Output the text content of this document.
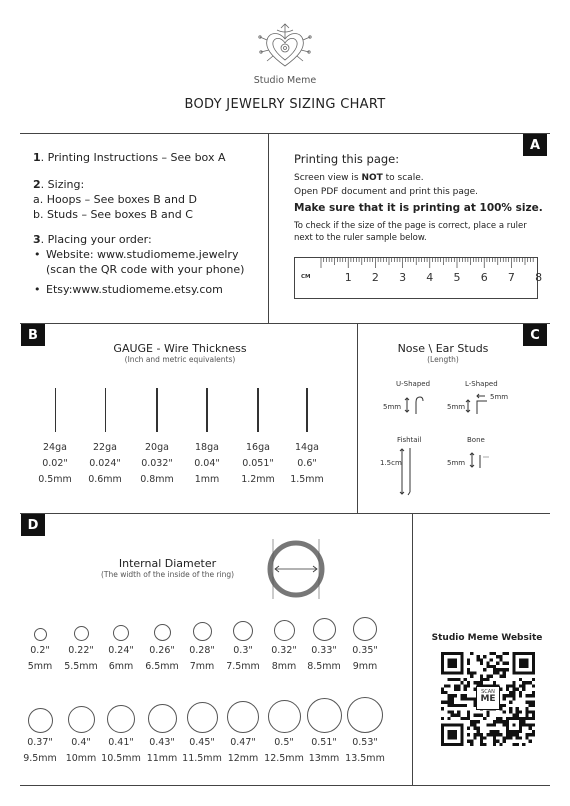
Studio Meme
BODY JEWELRY SIZING CHART
1. Printing Instructions – See box A
2. Sizing:
a. Hoops – See boxes B and D
b. Studs – See boxes B and C
3. Placing your order:
• Website: www.studiomeme.jewelry
(scan the QR code with your phone)
• Etsy:www.studiomeme.etsy.com
A
Printing this page:
Screen view is NOT to scale.
Open PDF document and print this page.
Make sure that it is printing at 100% size.
To check if the size of the page is correct, place a ruler
next to the ruler sample below.
CM	1 2 3 4 5 6 7 8
B
GAUGE - Wire Thickness
(Inch and metric equivalents)
24ga
0.02"
0.5mm
22ga
0.024"
0.6mm
20ga
0.032"
0.8mm
18ga
0.04"
1mm
16ga
0.051"
1.2mm
14ga
0.6"
1.5mm
C
Nose \ Ear Studs
(Length)
U-Shaped
5mm
L-Shaped
5mm
5mm
Fishtail
1.5cm
Bone
5mm
D
Internal Diameter
(The width of the inside of the ring)
0.2"
5mm
0.22"
5.5mm
0.24"
6mm
0.26"
6.5mm
0.28"
7mm
0.3"
7.5mm
0.32"
8mm
0.33"
8.5mm
0.35"
9mm
0.37"
9.5mm
0.4"
10mm
0.41"
10.5mm
0.43"
11mm
0.45"
11.5mm
0.47"
12mm
0.5"
12.5mm
0.51"
13mm
0.53"
13.5mm
Studio Meme Website
SCAN
ME
